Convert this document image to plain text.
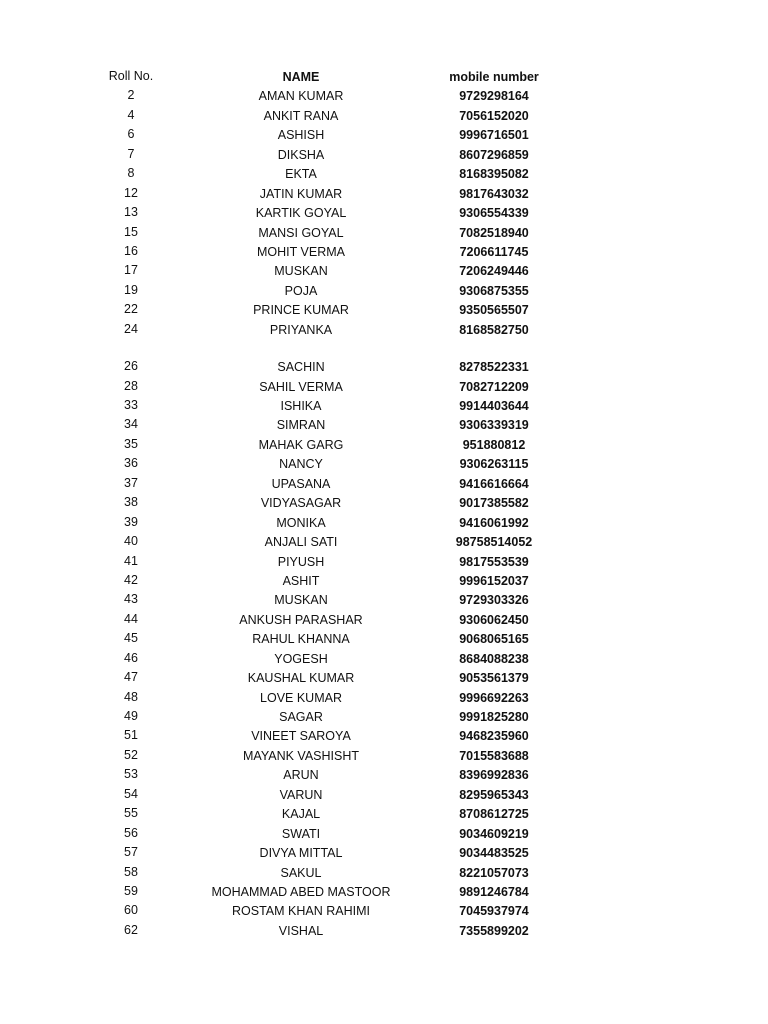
Roll No.	NAME	mobile number
2	AMAN KUMAR	9729298164
4	ANKIT RANA	7056152020
6	ASHISH	9996716501
7	DIKSHA	8607296859
8	EKTA	8168395082
12	JATIN KUMAR	9817643032
13	KARTIK GOYAL	9306554339
15	MANSI GOYAL	7082518940
16	MOHIT VERMA	7206611745
17	MUSKAN	7206249446
19	POJA	9306875355
22	PRINCE KUMAR	9350565507
24	PRIYANKA	8168582750
26	SACHIN	8278522331
28	SAHIL VERMA	7082712209
33	ISHIKA	9914403644
34	SIMRAN	9306339319
35	MAHAK GARG	951880812
36	NANCY	9306263115
37	UPASANA	9416616664
38	VIDYASAGAR	9017385582
39	MONIKA	9416061992
40	ANJALI SATI	98758514052
41	PIYUSH	9817553539
42	ASHIT	9996152037
43	MUSKAN	9729303326
44	ANKUSH PARASHAR	9306062450
45	RAHUL KHANNA	9068065165
46	YOGESH	8684088238
47	KAUSHAL KUMAR	9053561379
48	LOVE KUMAR	9996692263
49	SAGAR	9991825280
51	VINEET SAROYA	9468235960
52	MAYANK VASHISHT	7015583688
53	ARUN	8396992836
54	VARUN	8295965343
55	KAJAL	8708612725
56	SWATI	9034609219
57	DIVYA MITTAL	9034483525
58	SAKUL	8221057073
59	MOHAMMAD ABED MASTOOR	9891246784
60	ROSTAM KHAN RAHIMI	7045937974
62	VISHAL	7355899202
